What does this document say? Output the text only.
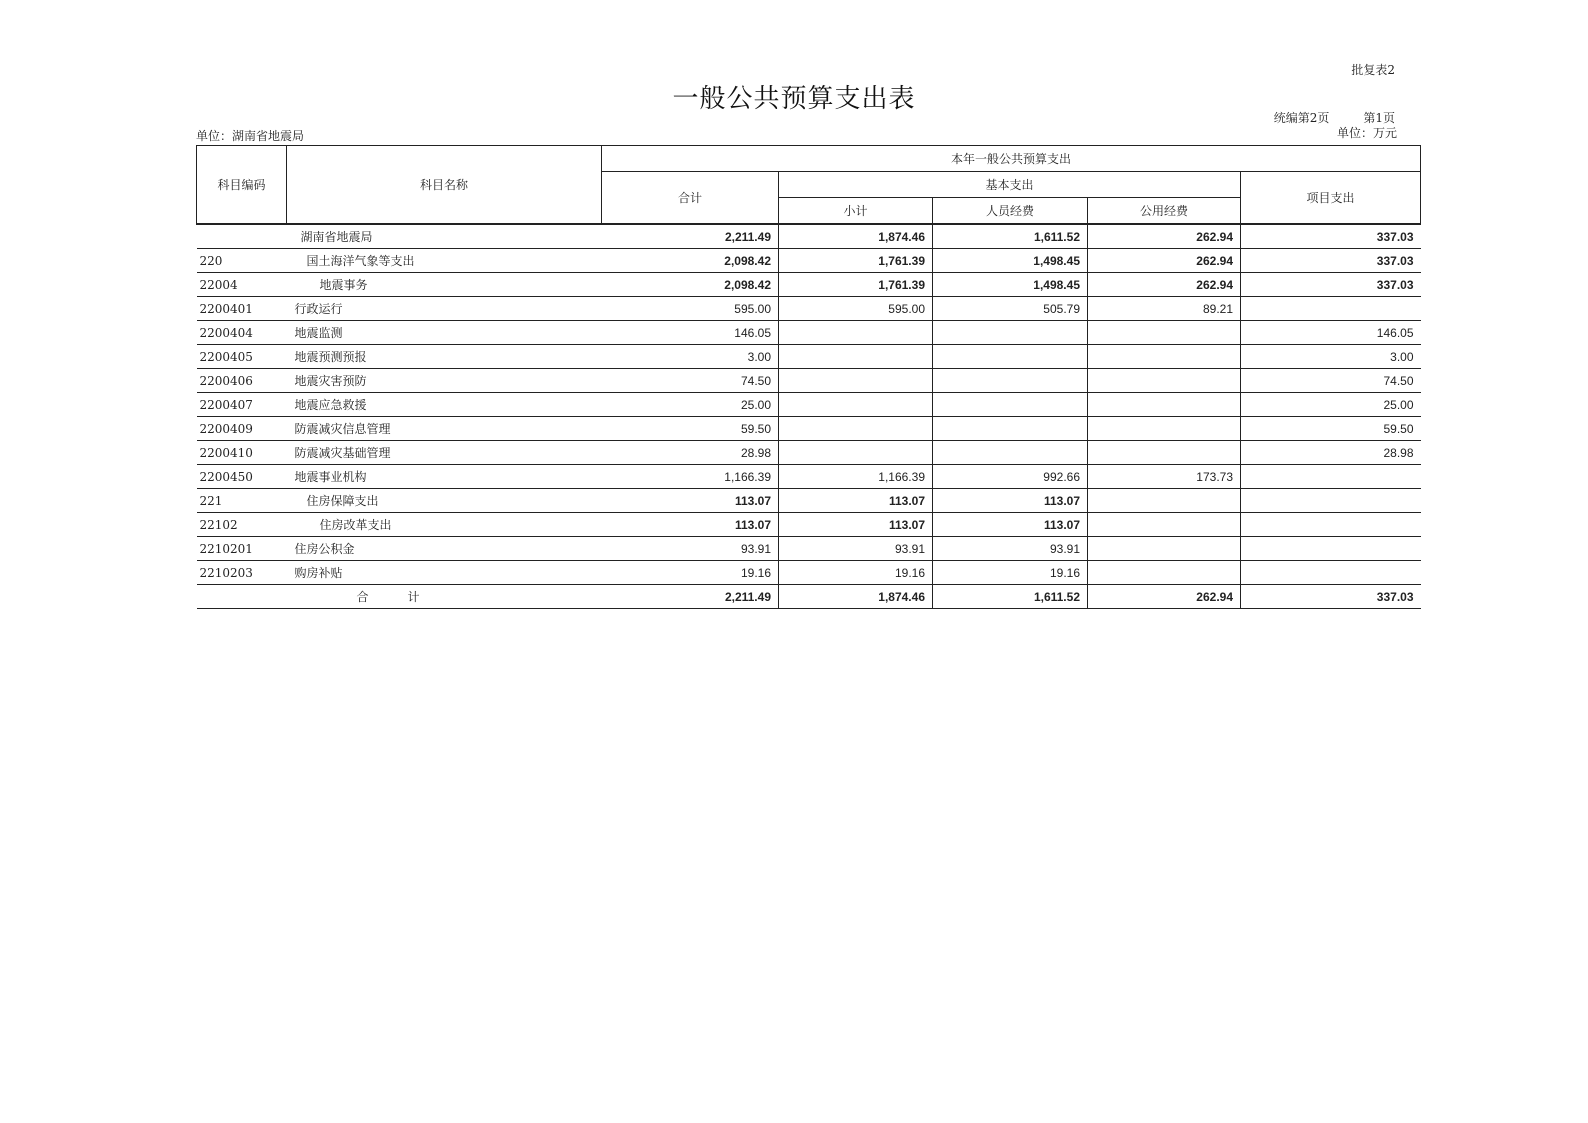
批复表2
一般公共预算支出表
统编第2页	第1页
单位：万元
单位：湖南省地震局
科目编码	科目名称	本年一般公共预算支出				
		合计	基本支出			项目支出
			小计	人员经费	公用经费	
	湖南省地震局	2,211.49	1,874.46	1,611.52	262.94	337.03
220	国土海洋气象等支出	2,098.42	1,761.39	1,498.45	262.94	337.03
22004	地震事务	2,098.42	1,761.39	1,498.45	262.94	337.03
2200401	行政运行	595.00	595.00	505.79	89.21	
2200404	地震监测	146.05				146.05
2200405	地震预测预报	3.00				3.00
2200406	地震灾害预防	74.50				74.50
2200407	地震应急救援	25.00				25.00
2200409	防震减灾信息管理	59.50				59.50
2200410	防震减灾基础管理	28.98				28.98
2200450	地震事业机构	1,166.39	1,166.39	992.66	173.73	
221	住房保障支出	113.07	113.07	113.07		
22102	住房改革支出	113.07	113.07	113.07		
2210201	住房公积金	93.91	93.91	93.91		
2210203	购房补贴	19.16	19.16	19.16		
	合 计	2,211.49	1,874.46	1,611.52	262.94	337.03
